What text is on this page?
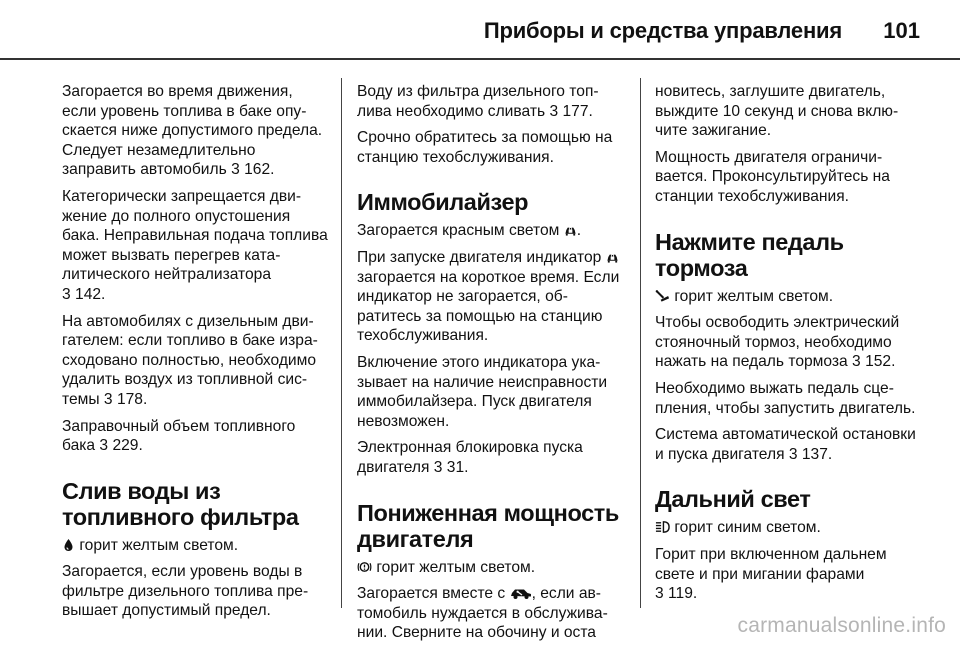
Приборы и средства управления 101

Загорается во время движения, если уровень топлива в баке опускается ниже допустимого предела. Следует незамедлительно заправить автомобиль 3 162.

Категорически запрещается движение до полного опустошения бака. Неправильная подача топлива может вызвать перегрев каталитического нейтрализатора
3 142.

На автомобилях с дизельным двигателем: если топливо в баке израсходовано полностью, необходимо удалить воздух из топливной системы 3 178.

Заправочный объем топливного бака 3 229.

Слив воды из топливного фильтра

горит желтым светом.

Загорается, если уровень воды в фильтре дизельного топлива превышает допустимый предел.

Воду из фильтра дизельного топлива необходимо сливать 3 177.

Срочно обратитесь за помощью на станцию техобслуживания.

Иммобилайзер

Загорается красным светом
.

При запуске двигателя индикатор
загорается на короткое время. Если индикатор не загорается, обратитесь за помощью на станцию техобслуживания.

Включение этого индикатора указывает на наличие неисправности иммобилайзера. Пуск двигателя невозможен.

Электронная блокировка пуска двигателя 3 31.

Пониженная мощность двигателя

горит желтым светом.

Загорается вместе с
, если автомобиль нуждается в обслуживании. Сверните на обочину и оста

новитесь, заглушите двигатель, выждите 10 секунд и снова включите зажигание.

Мощность двигателя ограничивается. Проконсультируйтесь на станции техобслуживания.

Нажмите педаль тормоза

горит желтым светом.

Чтобы освободить электрический стояночный тормоз, необходимо нажать на педаль тормоза 3 152.

Необходимо выжать педаль сцепления, чтобы запустить двигатель.

Система автоматической остановки и пуска двигателя 3 137.

Дальний свет

горит синим светом.

Горит при включенном дальнем свете и при мигании фарами
3 119.

carmanualsonline.info
